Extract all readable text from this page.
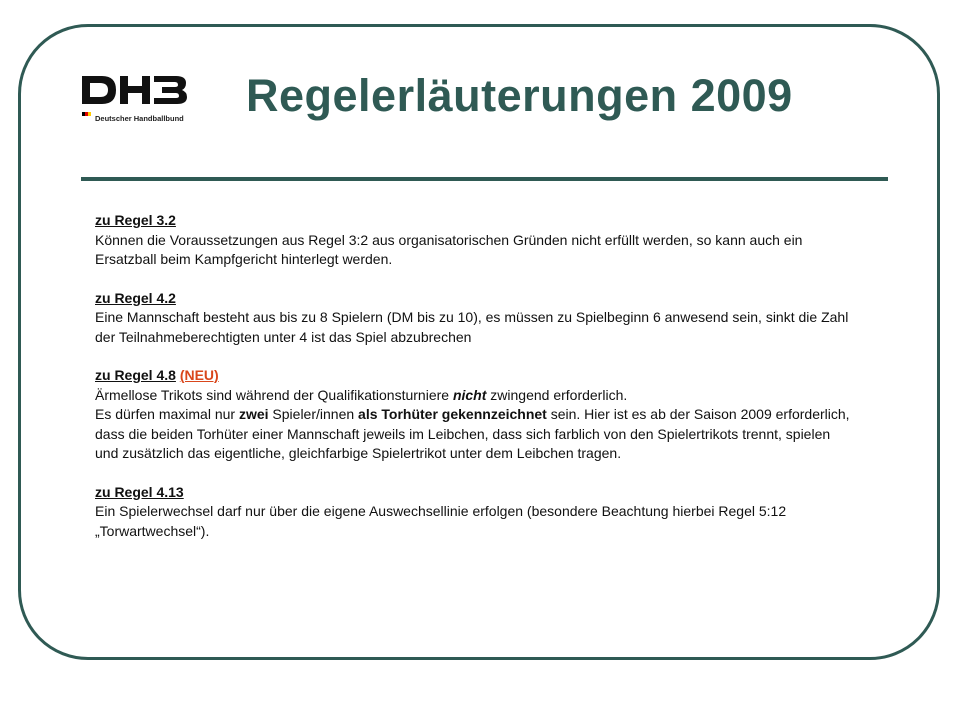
Deutscher Handballbund Regelerläuterungen 2009
zu Regel 3.2

Können die Voraussetzungen aus Regel 3:2 aus organisatorischen Gründen nicht erfüllt werden, so kann auch ein Ersatzball beim Kampfgericht hinterlegt werden.

zu Regel 4.2

Eine Mannschaft besteht aus bis zu 8 Spielern (DM bis zu 10), es müssen zu Spielbeginn 6 anwesend sein, sinkt die Zahl der Teilnahmeberechtigten unter 4 ist das Spiel abzubrechen

zu Regel 4.8 (NEU)

Ärmellose Trikots sind während der Qualifikationsturniere nicht zwingend erforderlich.

Es dürfen maximal nur zwei Spieler/innen als Torhüter gekennzeichnet sein. Hier ist es ab der Saison 2009 erforderlich, dass die beiden Torhüter einer Mannschaft jeweils im Leibchen, dass sich farblich von den Spielertrikots trennt, spielen und zusätzlich das eigentliche, gleichfarbige Spielertrikot unter dem Leibchen tragen.

zu Regel 4.13

Ein Spielerwechsel darf nur über die eigene Auswechsellinie erfolgen (besondere Beachtung hierbei Regel 5:12 „Torwartwechsel“).
